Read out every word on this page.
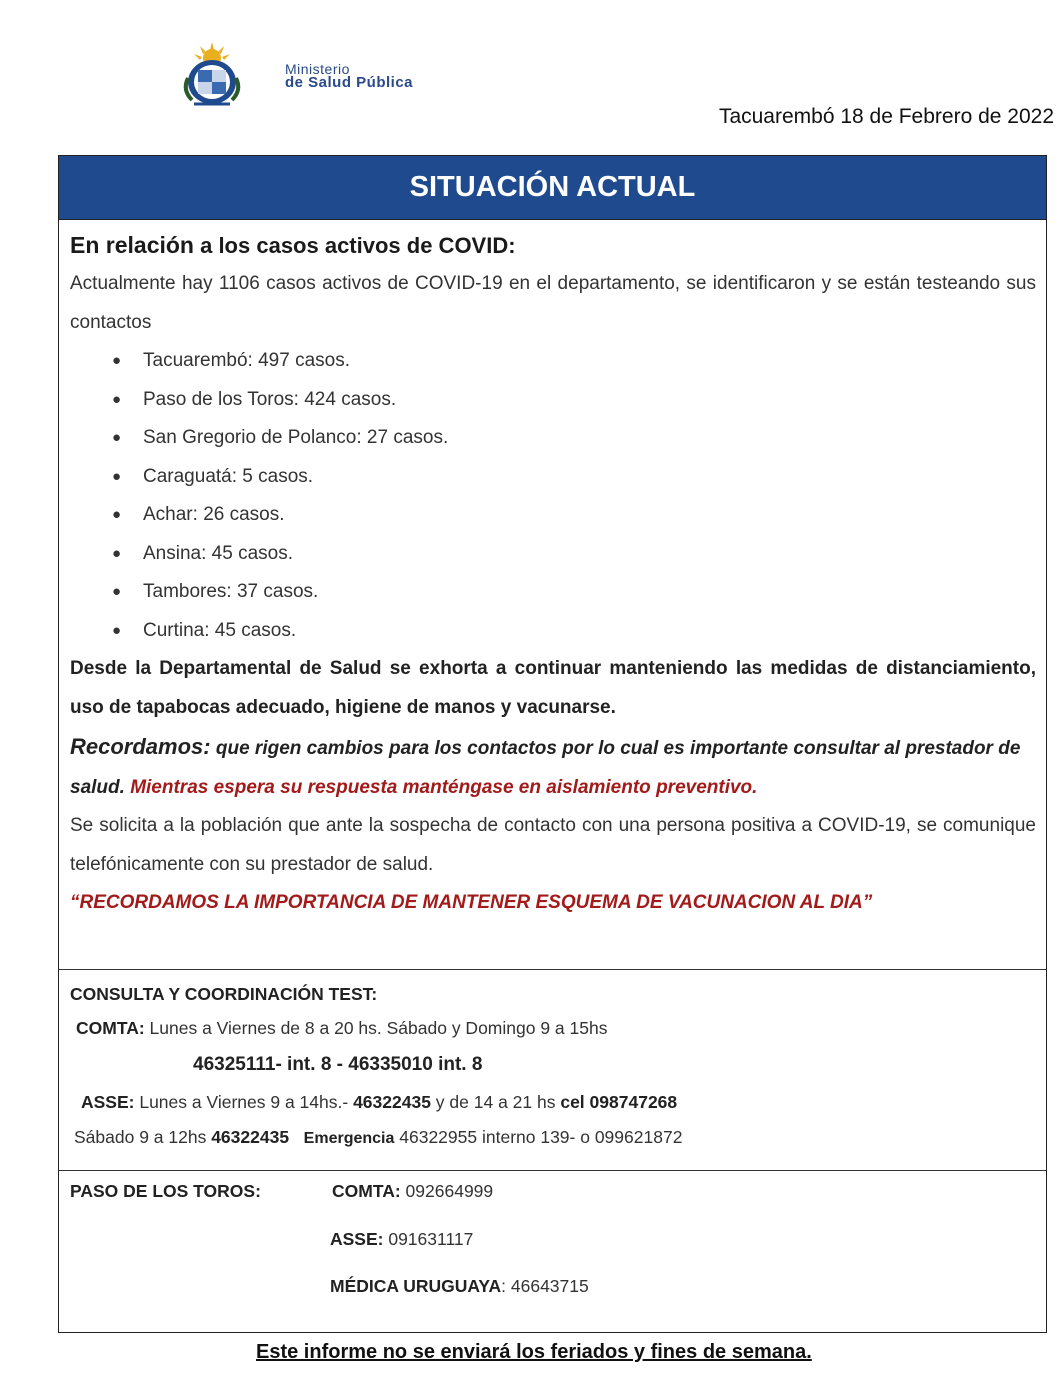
Ministerio
de Salud Pública
Tacuarembó 18 de Febrero de 2022
SITUACIÓN ACTUAL
En relación a los casos activos de COVID:

Actualmente hay 1106 casos activos de COVID-19 en el departamento, se identificaron y se están testeando sus contactos

● Tacuarembó: 497 casos.
● Paso de los Toros: 424 casos.
● San Gregorio de Polanco: 27 casos.
● Caraguatá: 5 casos.
● Achar: 26 casos.
● Ansina: 45 casos.
● Tambores: 37 casos.
● Curtina: 45 casos.

Desde la Departamental de Salud se exhorta a continuar manteniendo las medidas de distanciamiento, uso de tapabocas adecuado, higiene de manos y vacunarse.

Recordamos: que rigen cambios para los contactos por lo cual es importante consultar al prestador de salud. Mientras espera su respuesta manténgase en aislamiento preventivo.

Se solicita a la población que ante la sospecha de contacto con una persona positiva a COVID-19, se comunique telefónicamente con su prestador de salud.

“RECORDAMOS LA IMPORTANCIA DE MANTENER ESQUEMA DE VACUNACION AL DIA”

CONSULTA Y COORDINACIÓN TEST:
COMTA: Lunes a Viernes de 8 a 20 hs. Sábado y Domingo 9 a 15hs
46325111- int. 8 - 46335010 int. 8
ASSE: Lunes a Viernes 9 a 14hs.- 46322435 y de 14 a 21 hs cel 098747268
Sábado 9 a 12hs 46322435 Emergencia 46322955 interno 139- o 099621872
PASO DE LOS TOROS:	COMTA: 092664999
ASSE: 091631117
MÉDICA URUGUAYA: 46643715
Este informe no se enviará los feriados y fines de semana.
